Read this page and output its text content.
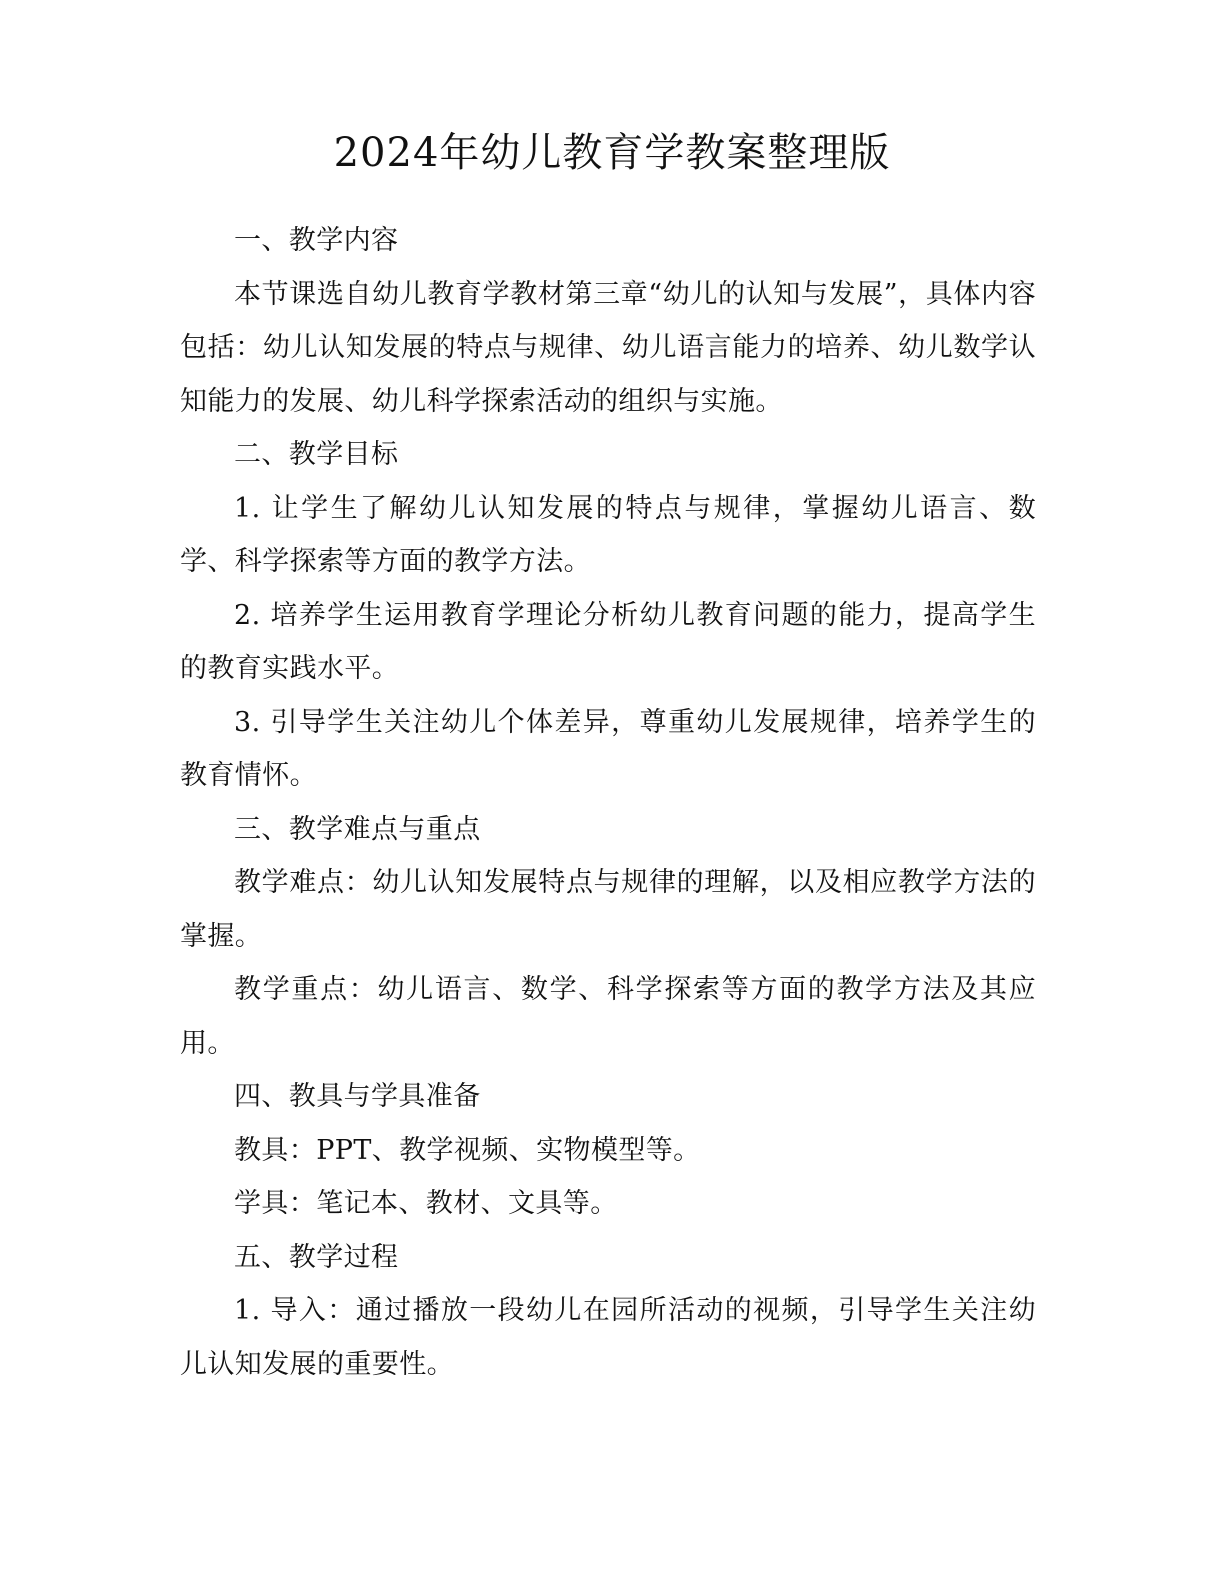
2024年幼儿教育学教案整理版

一、教学内容

本节课选自幼儿教育学教材第三章“幼儿的认知与发展”，具体内容包括：幼儿认知发展的特点与规律、幼儿语言能力的培养、幼儿数学认知能力的发展、幼儿科学探索活动的组织与实施。

二、教学目标

1. 让学生了解幼儿认知发展的特点与规律，掌握幼儿语言、数学、科学探索等方面的教学方法。

2. 培养学生运用教育学理论分析幼儿教育问题的能力，提高学生的教育实践水平。

3. 引导学生关注幼儿个体差异，尊重幼儿发展规律，培养学生的教育情怀。

三、教学难点与重点

教学难点：幼儿认知发展特点与规律的理解，以及相应教学方法的掌握。

教学重点：幼儿语言、数学、科学探索等方面的教学方法及其应用。

四、教具与学具准备

教具：PPT、教学视频、实物模型等。

学具：笔记本、教材、文具等。

五、教学过程

1. 导入：通过播放一段幼儿在园所活动的视频，引导学生关注幼儿认知发展的重要性。
